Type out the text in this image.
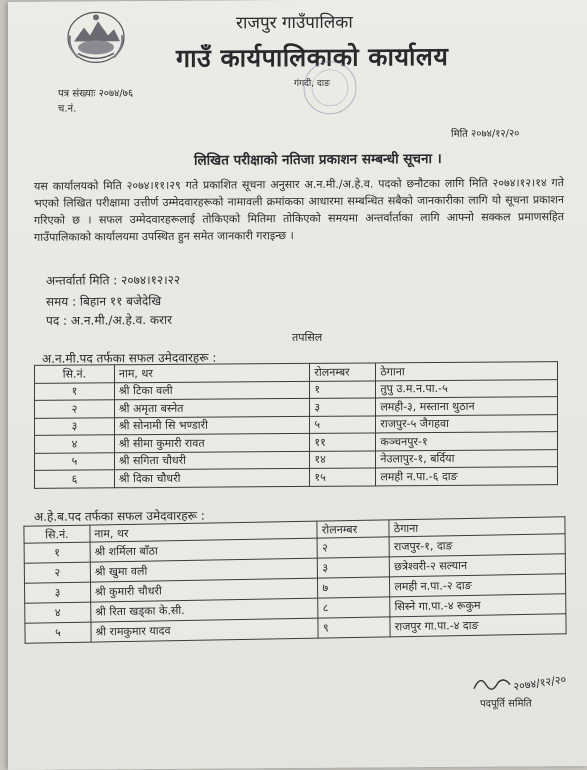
राजपुर गाउँपालिका
गाउँ कार्यपालिकाको कार्यालय
गंगदी, दाङ
पत्र संख्याः २०७४/७६
च.नं.
मिति २०७४/१२/२०
लिखित परीक्षाको नतिजा प्रकाशन सम्बन्धी सूचना ।
यस कार्यालयको मिति २०७४।११।२९ गते प्रकाशित सूचना अनुसार अ.न.मी./अ.हे.व. पदको छनौटका लागि मिति २०७४।१२।१४ गते भएको लिखित परीक्षामा उत्तीर्ण उम्मेदवारहरूको नामावली क्रमांकका आधारमा सम्बन्धित सबैको जानकारीका लागि यो सूचना प्रकाशन गरिएको छ । सफल उम्मेदवारहरूलाई तोकिएको मितिमा तोकिएको समयमा अन्तर्वार्ताका लागि आफ्नो सक्कल प्रमाणसहित गाउँपालिकाको कार्यालयमा उपस्थित हुन समेत जानकारी गराइन्छ ।
अन्तर्वार्ता मिति : २०७४।१२।२२
समय : बिहान ११ बजेदेखि
पद : अ.न.मी./अ.हे.व. करार
तपसिल
अ.न.मी.पद तर्फका सफल उमेदवारहरू :
सि.नं.	नाम, थर	रोलनम्बर	ठेगाना
१	श्री टिका वली	१	तुपु उ.म.न.पा.-५
२	श्री अमृता बस्नेत	३	लमही-३, मस्ताना थुठान
३	श्री सोनामी सि भण्डारी	५	राजपुर-५ जैगहवा
४	श्री सीमा कुमारी रावत	११	कञ्चनपुर-१
५	श्री सगिता चौधरी	१४	नेउलापुर-१, बर्दिया
६	श्री दिका चौधरी	१५	लमही न.पा.-६ दाङ
अ.हे.ब.पद तर्फका सफल उमेदवारहरू :
सि.नं.	नाम, थर	रोलनम्बर	ठेगाना
१	श्री शर्मिला बाँठा	२	राजपुर-१, दाङ
२	श्री खुमा वली	३	छत्रेश्वरी-२ सल्यान
३	श्री कुमारी चौधरी	७	लमही न.पा.-२ दाङ
४	श्री रिता खड्का के.सी.	८	सिस्ने गा.पा.-४ रूकुम
५	श्री रामकुमार यादव	९	राजपुर गा.पा.-४ दाङ
२०७४/१२/२०
पदपूर्ति समिति
